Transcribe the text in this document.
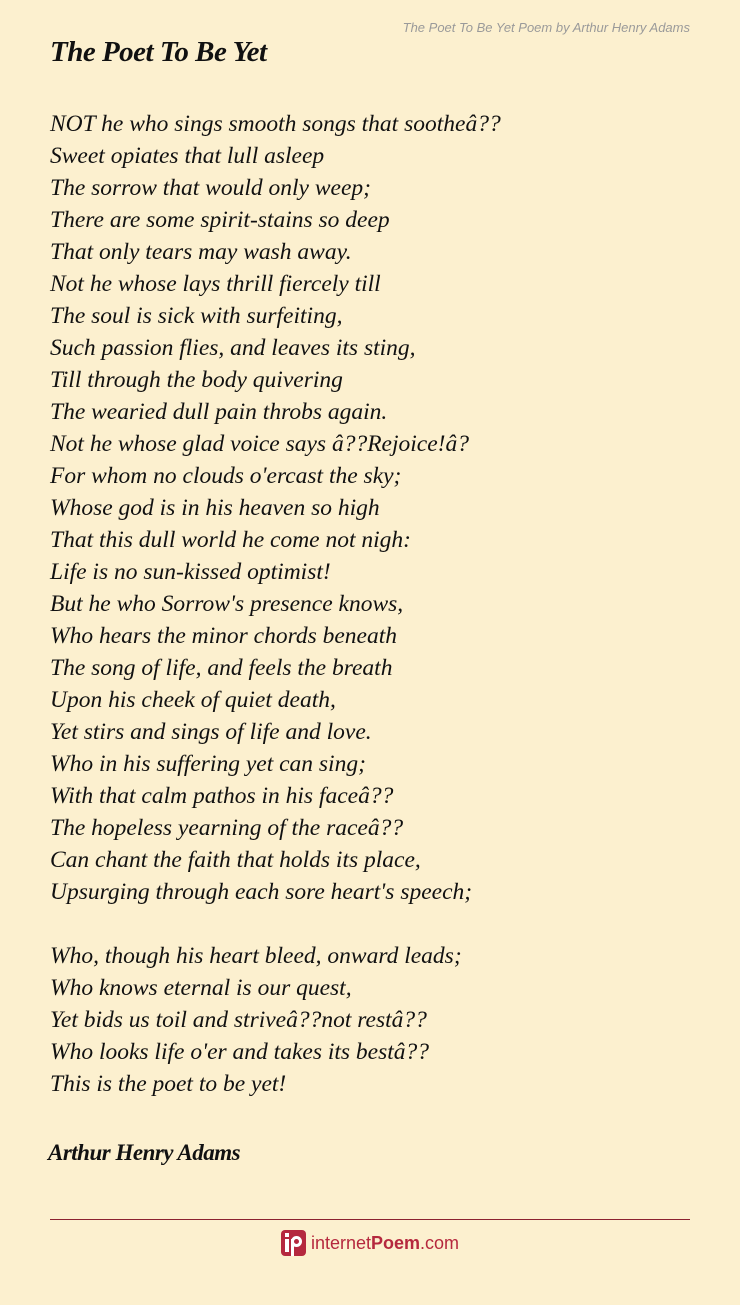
The Poet To Be Yet Poem by Arthur Henry Adams
The Poet To Be Yet
NOT he who sings smooth songs that sootheâ??
Sweet opiates that lull asleep
The sorrow that would only weep;
There are some spirit-stains so deep
That only tears may wash away.
Not he whose lays thrill fiercely till
The soul is sick with surfeiting,
Such passion flies, and leaves its sting,
Till through the body quivering
The wearied dull pain throbs again.
Not he whose glad voice says â??Rejoice!â?
For whom no clouds o'ercast the sky;
Whose god is in his heaven so high
That this dull world he come not nigh:
Life is no sun-kissed optimist!
But he who Sorrow's presence knows,
Who hears the minor chords beneath
The song of life, and feels the breath
Upon his cheek of quiet death,
Yet stirs and sings of life and love.
Who in his suffering yet can sing;
With that calm pathos in his faceâ??
The hopeless yearning of the raceâ??
Can chant the faith that holds its place,
Upsurging through each sore heart's speech;
Who, though his heart bleed, onward leads;
Who knows eternal is our quest,
Yet bids us toil and striveâ??not restâ??
Who looks life o'er and takes its bestâ??
This is the poet to be yet!
Arthur Henry Adams
internetPoem.com
